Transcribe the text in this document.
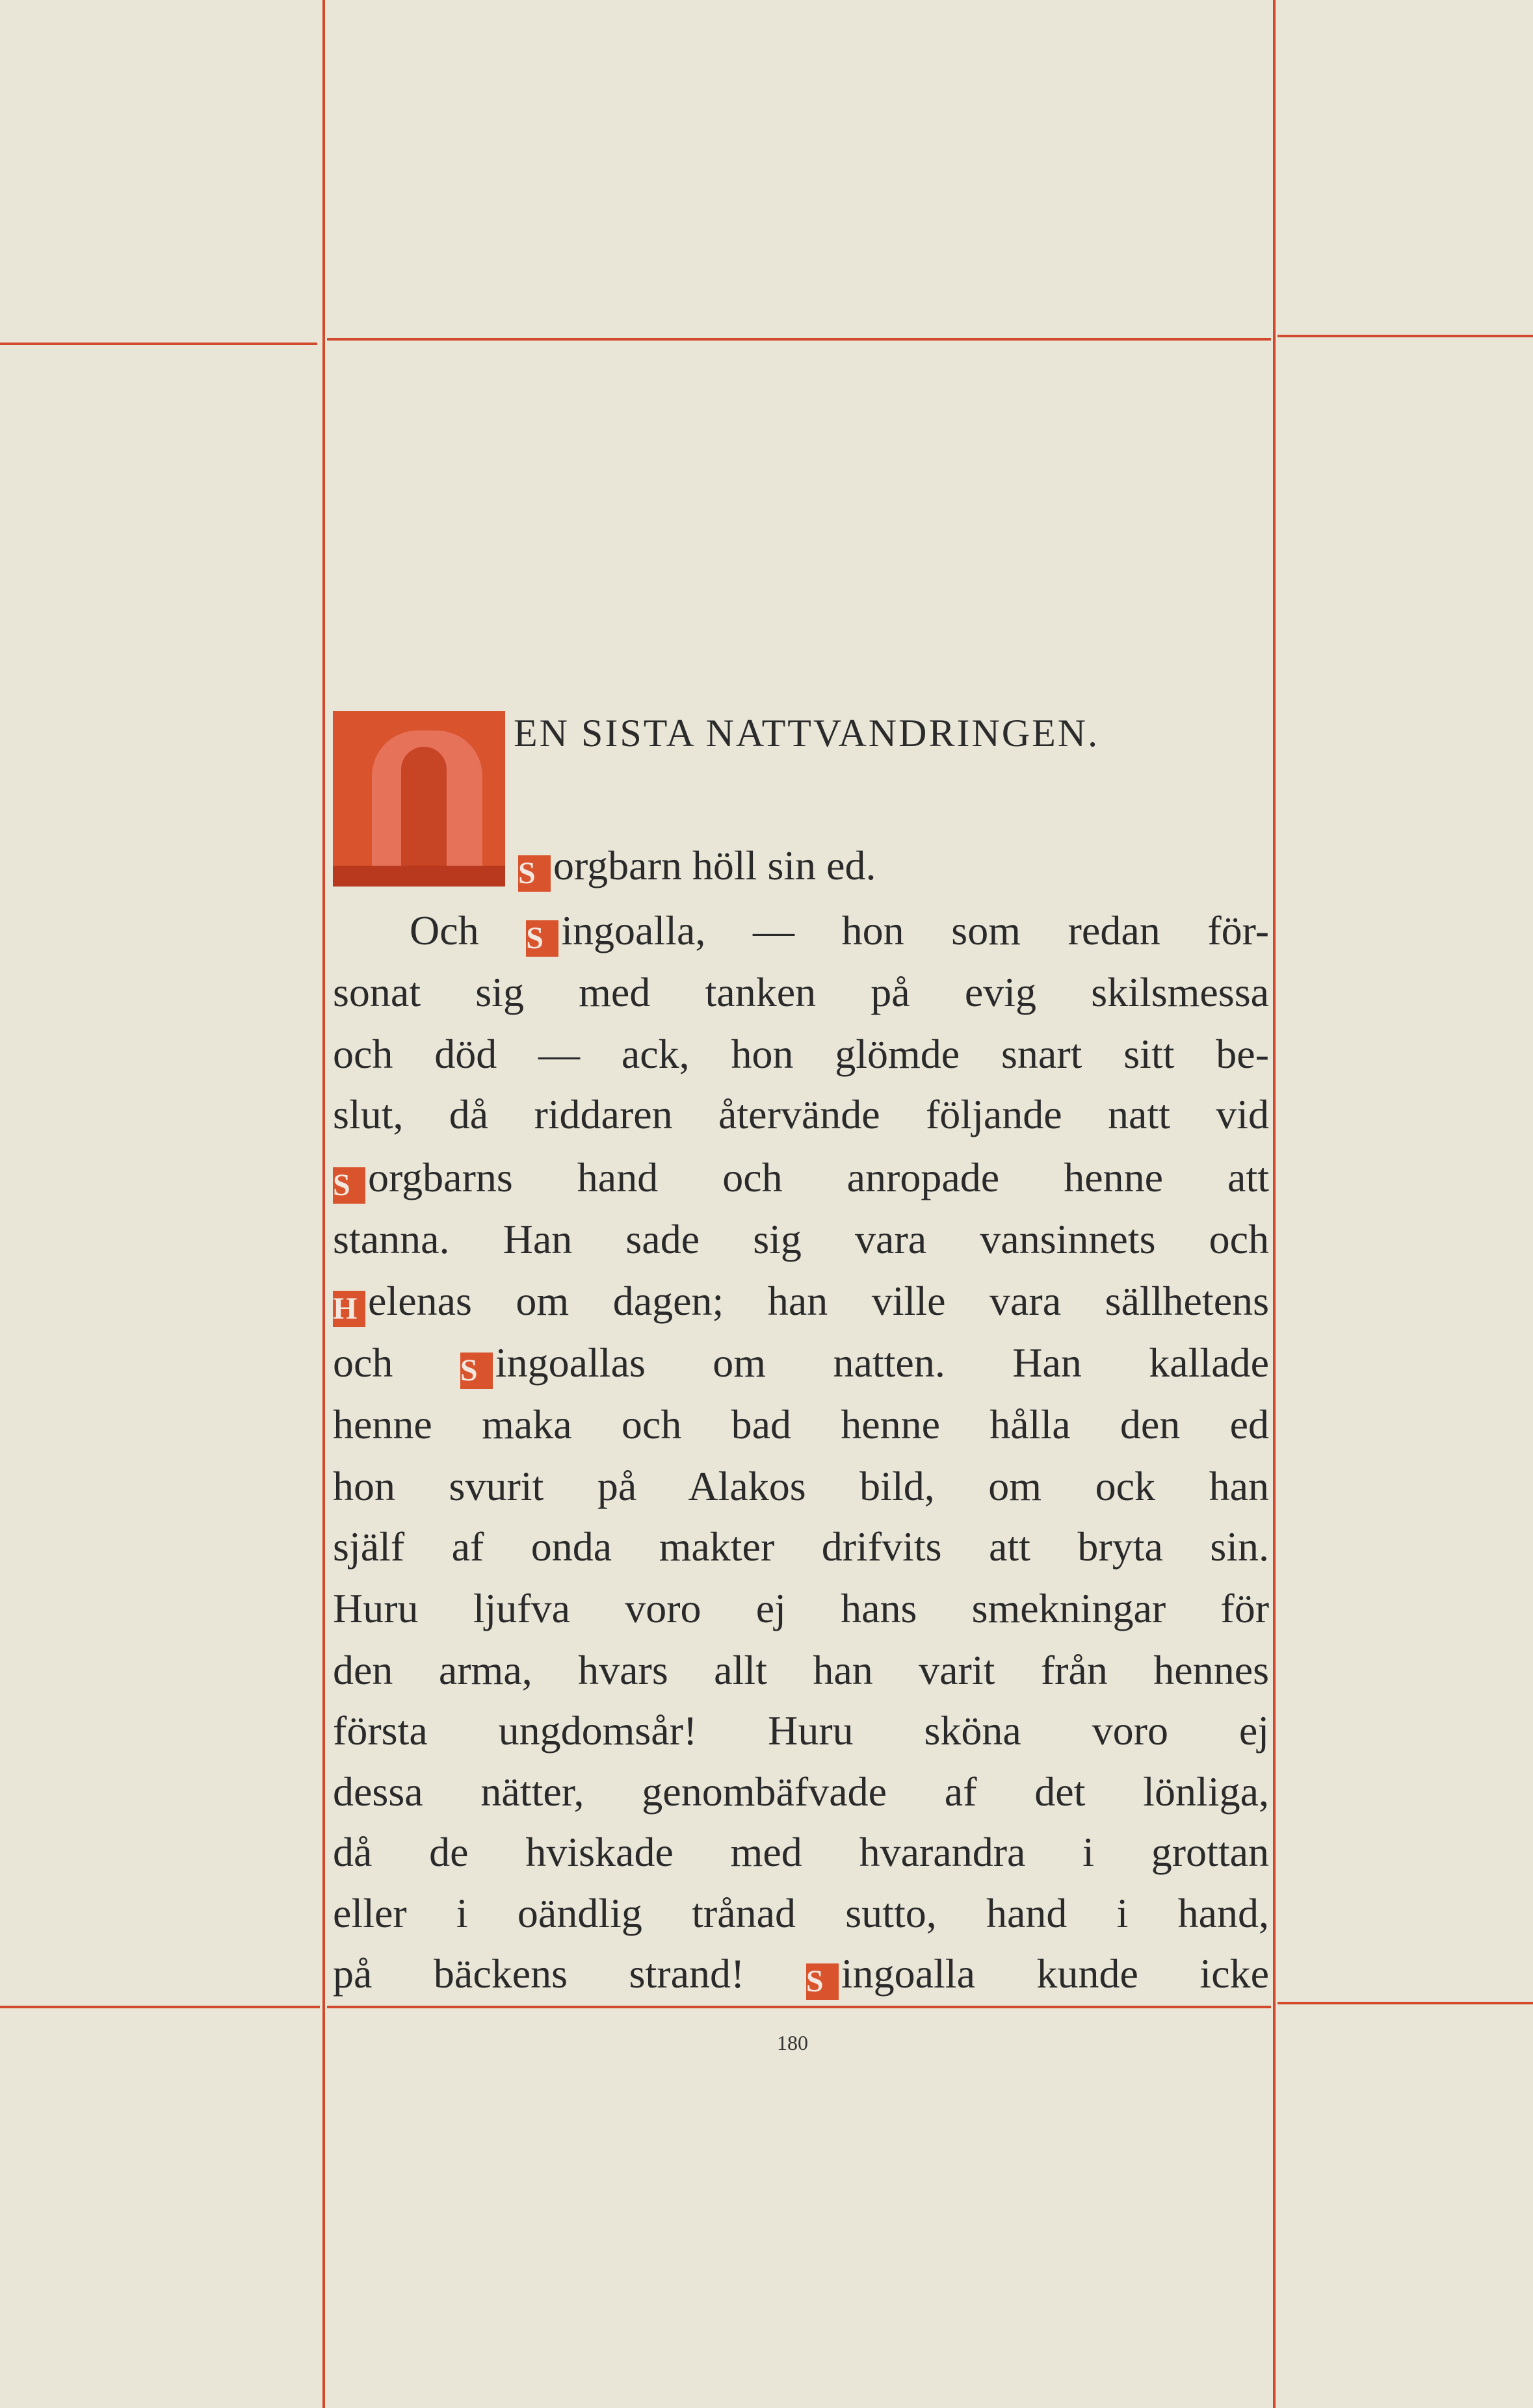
EN SISTA NATTVANDRINGEN.
S orgbarn höll sin ed.
Och S ingoalla, — hon som redan för-
sonat sig med tanken på evig skilsmessa
och död — ack, hon glömde snart sitt be-
slut, då riddaren återvände följande natt vid
S orgbarns hand och anropade henne att
stanna. Han sade sig vara vansinnets och
H elenas om dagen; han ville vara sällhetens
och S ingoallas om natten. Han kallade
henne maka och bad henne hålla den ed
hon svurit på Alakos bild, om ock han
själf af onda makter drifvits att bryta sin.
Huru ljufva voro ej hans smekningar för
den arma, hvars allt han varit från hennes
första ungdomsår! Huru sköna voro ej
dessa nätter, genombäfvade af det lönliga,
då de hviskade med hvarandra i grottan
eller i oändlig trånad sutto, hand i hand,
på bäckens strand! S ingoalla kunde icke
180
